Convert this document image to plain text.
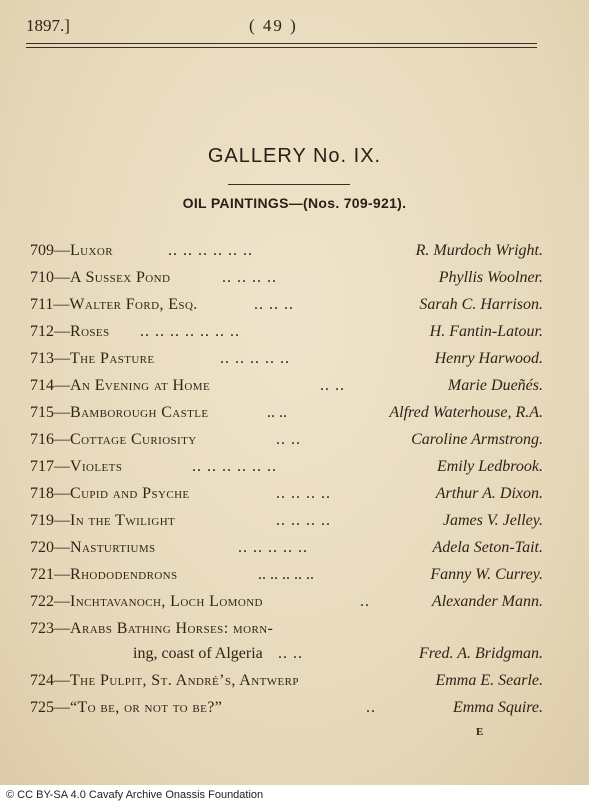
1897.]	( 49 )
GALLERY No. IX.
OIL PAINTINGS—(Nos. 709-921).
709—Luxor	.. .. .. .. .. ..	R. Murdoch Wright.
710—A Sussex Pond	.. .. .. ..	Phyllis Woolner.
711—Walter Ford, Esq.	.. .. ..	Sarah C. Harrison.
712—Roses .. .. .. .. .. .. ..	H. Fantin-Latour.
713—The Pasture	.. .. .. .. ..	Henry Harwood.
714—An Evening at Home	.. ..	Marie Dueñés.
715—Bamborough Castle	.. ..	Alfred Waterhouse, R.A.
716—Cottage Curiosity	.. ..	Caroline Armstrong.
717—Violets	.. .. .. .. .. ..	Emily Ledbrook.
718—Cupid and Psyche	.. .. .. ..	Arthur A. Dixon.
719—In the Twilight	.. .. .. ..	James V. Jelley.
720—Nasturtiums	.. .. .. .. ..	Adela Seton-Tait.
721—Rhododendrons	.. .. .. .. ..	Fanny W. Currey.
722—Inchtavanoch, Loch Lomond	..	Alexander Mann.
723—Arabs Bathing Horses: morn-
ing, coast of Algeria .. ..	Fred. A. Bridgman.
724—The Pulpit, St. André’s, Antwerp	Emma E. Searle.
725—“To be, or not to be?”	..	Emma Squire.
E
© CC BY-SA 4.0 Cavafy Archive Onassis Foundation
